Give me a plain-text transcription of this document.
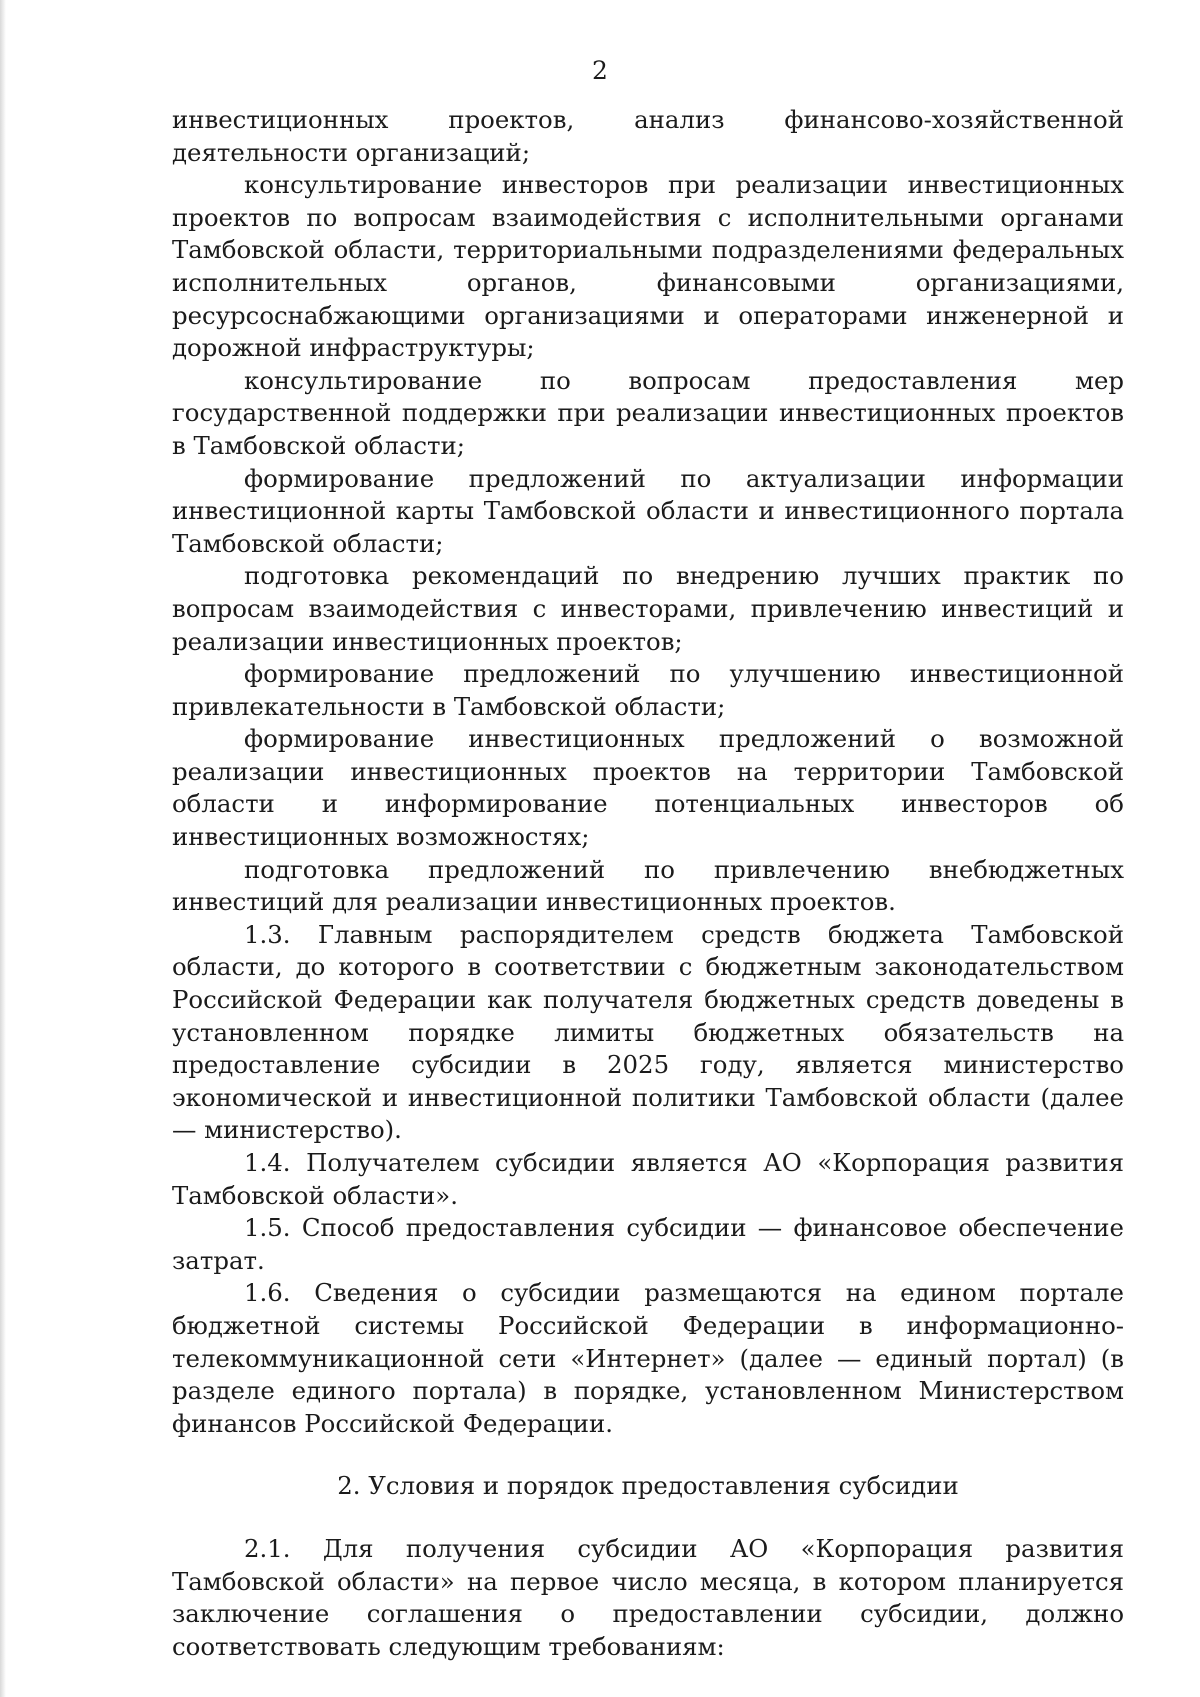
2

инвестиционных проектов, анализ финансово-хозяйственной деятельности организаций;

консультирование инвесторов при реализации инвестиционных проектов по вопросам взаимодействия с исполнительными органами Тамбовской области, территориальными подразделениями федеральных исполнительных органов, финансовыми организациями, ресурсоснабжающими организациями и операторами инженерной и дорожной инфраструктуры;

консультирование по вопросам предоставления мер государственной поддержки при реализации инвестиционных проектов в Тамбовской области;

формирование предложений по актуализации информации инвестиционной карты Тамбовской области и инвестиционного портала Тамбовской области;

подготовка рекомендаций по внедрению лучших практик по вопросам взаимодействия с инвесторами, привлечению инвестиций и реализации инвестиционных проектов;

формирование предложений по улучшению инвестиционной привлекательности в Тамбовской области;

формирование инвестиционных предложений о возможной реализации инвестиционных проектов на территории Тамбовской области и информирование потенциальных инвесторов об инвестиционных возможностях;

подготовка предложений по привлечению внебюджетных инвестиций для реализации инвестиционных проектов.

1.3. Главным распорядителем средств бюджета Тамбовской области, до которого в соответствии с бюджетным законодательством Российской Федерации как получателя бюджетных средств доведены в установленном порядке лимиты бюджетных обязательств на предоставление субсидии в 2025 году, является министерство экономической и инвестиционной политики Тамбовской области (далее — министерство).

1.4. Получателем субсидии является АО «Корпорация развития Тамбовской области».

1.5. Способ предоставления субсидии — финансовое обеспечение затрат.

1.6. Сведения о субсидии размещаются на едином портале бюджетной системы Российской Федерации в информационно-телекоммуникационной сети «Интернет» (далее — единый портал) (в разделе единого портала) в порядке, установленном Министерством финансов Российской Федерации.

2. Условия и порядок предоставления субсидии

2.1. Для получения субсидии АО «Корпорация развития Тамбовской области» на первое число месяца, в котором планируется заключение соглашения о предоставлении субсидии, должно соответствовать следующим требованиям:
